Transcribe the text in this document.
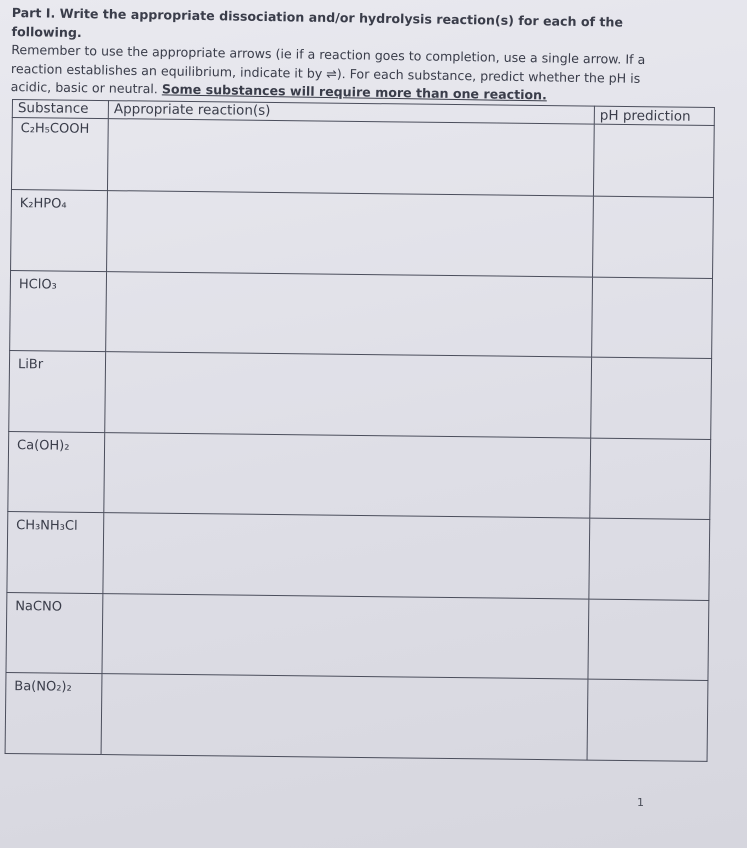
Part I. Write the appropriate dissociation and/or hydrolysis reaction(s) for each of the following.
Remember to use the appropriate arrows (ie if a reaction goes to completion, use a single arrow. If a reaction establishes an equilibrium, indicate it by ⇌). For each substance, predict whether the pH is acidic, basic or neutral. Some substances will require more than one reaction.
Substance	Appropriate reaction(s)	pH prediction
C₂H₅COOH		
K₂HPO₄		
HClO₃		
LiBr		
Ca(OH)₂		
CH₃NH₃Cl		
NaCNO		
Ba(NO₂)₂		
1
